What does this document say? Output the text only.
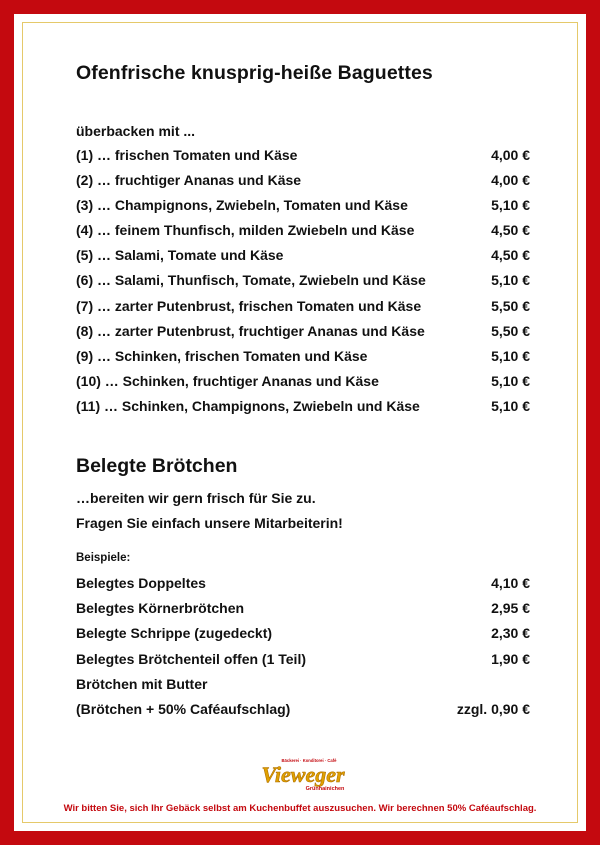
Ofenfrische knusprig-heiße Baguettes
überbacken mit ...
(1) … frischen Tomaten und Käse	4,00 €
(2) … fruchtiger Ananas und Käse	4,00 €
(3) … Champignons, Zwiebeln, Tomaten und Käse	5,10 €
(4) … feinem Thunfisch, milden Zwiebeln und Käse	4,50 €
(5) … Salami, Tomate und Käse	4,50 €
(6) … Salami, Thunfisch, Tomate, Zwiebeln und Käse	5,10 €
(7) … zarter Putenbrust, frischen Tomaten und Käse	5,50 €
(8) … zarter Putenbrust, fruchtiger Ananas und Käse	5,50 €
(9) … Schinken, frischen Tomaten und Käse	5,10 €
(10) … Schinken, fruchtiger Ananas und Käse	5,10 €
(11) … Schinken, Champignons, Zwiebeln und Käse	5,10 €
Belegte Brötchen
…bereiten wir gern frisch für Sie zu.
Fragen Sie einfach unsere Mitarbeiterin!
Beispiele:
Belegtes Doppeltes	4,10 €
Belegtes Körnerbrötchen	2,95 €
Belegte Schrippe (zugedeckt)	2,30 €
Belegtes Brötchenteil offen (1 Teil)	1,90 €
Brötchen mit Butter
(Brötchen + 50% Caféaufschlag)	zzgl. 0,90 €
Bäckerei · Konditorei · Café
Vieweger
Grünhainichen
Wir bitten Sie, sich Ihr Gebäck selbst am Kuchenbuffet auszusuchen. Wir berechnen 50% Caféaufschlag.
